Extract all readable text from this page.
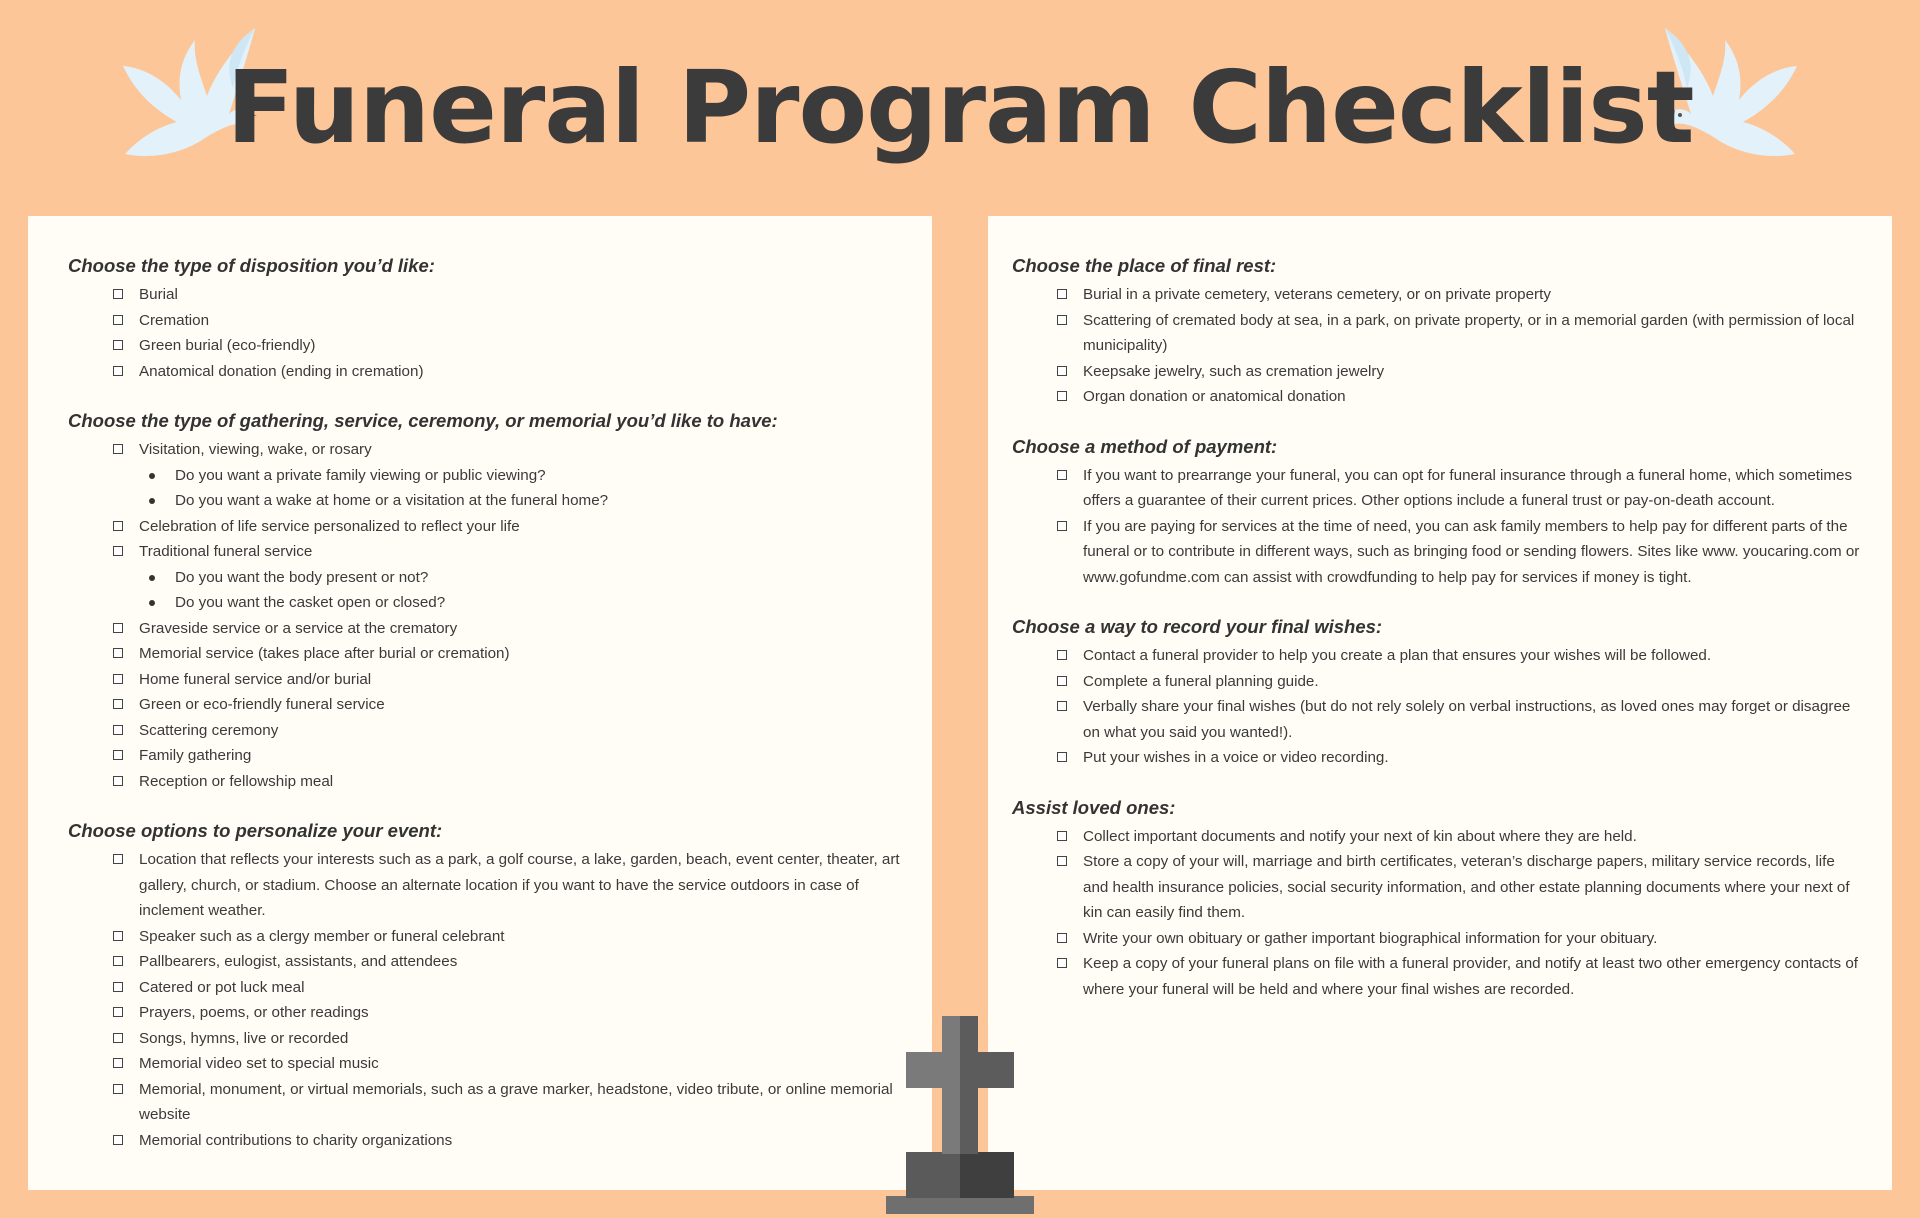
Funeral Program Checklist
Choose the type of disposition you’d like:
Burial
Cremation
Green burial (eco-friendly)
Anatomical donation (ending in cremation)
Choose the type of gathering, service, ceremony, or memorial you’d like to have:
Visitation, viewing, wake, or rosary
Do you want a private family viewing or public viewing?
Do you want a wake at home or a visitation at the funeral home?
Celebration of life service personalized to reflect your life
Traditional funeral service
Do you want the body present or not?
Do you want the casket open or closed?
Graveside service or a service at the crematory
Memorial service (takes place after burial or cremation)
Home funeral service and/or burial
Green or eco-friendly funeral service
Scattering ceremony
Family gathering
Reception or fellowship meal
Choose options to personalize your event:
Location that reflects your interests such as a park, a golf course, a lake, garden, beach, event center, theater, art gallery, church, or stadium. Choose an alternate location if you want to have the service outdoors in case of inclement weather.
Speaker such as a clergy member or funeral celebrant
Pallbearers, eulogist, assistants, and attendees
Catered or pot luck meal
Prayers, poems, or other readings
Songs, hymns, live or recorded
Memorial video set to special music
Memorial, monument, or virtual memorials, such as a grave marker, headstone, video tribute, or online memorial website
Memorial contributions to charity organizations
Choose the place of final rest:
Burial in a private cemetery, veterans cemetery, or on private property
Scattering of cremated body at sea, in a park, on private property, or in a memorial garden (with permission of local municipality)
Keepsake jewelry, such as cremation jewelry
Organ donation or anatomical donation
Choose a method of payment:
If you want to prearrange your funeral, you can opt for funeral insurance through a funeral home, which sometimes offers a guarantee of their current prices. Other options include a funeral trust or pay-on-death account.
If you are paying for services at the time of need, you can ask family members to help pay for different parts of the funeral or to contribute in different ways, such as bringing food or sending flowers. Sites like www. youcaring.com or www.gofundme.com can assist with crowdfunding to help pay for services if money is tight.
Choose a way to record your final wishes:
Contact a funeral provider to help you create a plan that ensures your wishes will be followed.
Complete a funeral planning guide.
Verbally share your final wishes (but do not rely solely on verbal instructions, as loved ones may forget or disagree on what you said you wanted!).
Put your wishes in a voice or video recording.
Assist loved ones:
Collect important documents and notify your next of kin about where they are held.
Store a copy of your will, marriage and birth certificates, veteran’s discharge papers, military service records, life and health insurance policies, social security information, and other estate planning documents where your next of kin can easily find them.
Write your own obituary or gather important biographical information for your obituary.
Keep a copy of your funeral plans on file with a funeral provider, and notify at least two other emergency contacts of where your funeral will be held and where your final wishes are recorded.
